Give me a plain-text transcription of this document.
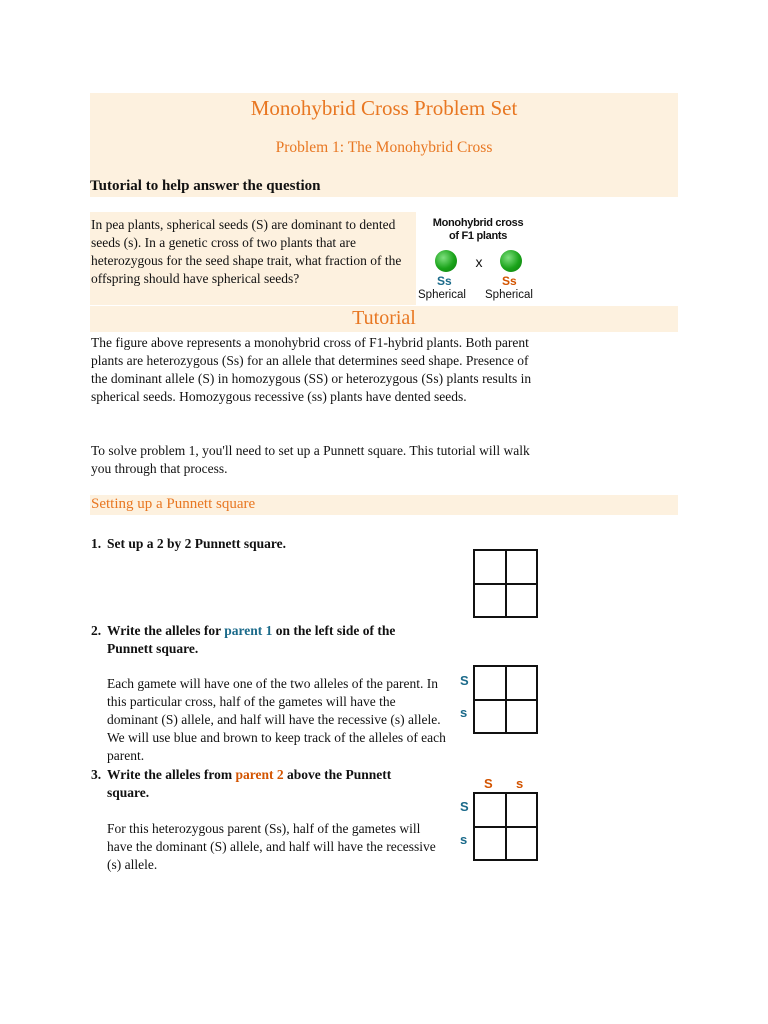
Monohybrid Cross Problem Set
Problem 1: The Monohybrid Cross
Tutorial to help answer the question
In pea plants, spherical seeds (S) are dominant to dented seeds (s). In a genetic cross of two plants that are heterozygous for the seed shape trait, what fraction of the offspring should have spherical seeds?
Monohybrid cross
of F1 plants
x
Ss	Ss
Spherical Spherical
Tutorial
The figure above represents a monohybrid cross of F1-hybrid plants. Both parent plants are heterozygous (Ss) for an allele that determines seed shape. Presence of the dominant allele (S) in homozygous (SS) or heterozygous (Ss) plants results in spherical seeds. Homozygous recessive (ss) plants have dented seeds.
To solve problem 1, you'll need to set up a Punnett square. This tutorial will walk you through that process.
Setting up a Punnett square
1. Set up a 2 by 2 Punnett square.
2. Write the alleles for parent 1 on the left side of the
Punnett square.
Each gamete will have one of the two alleles of the parent. In this particular cross, half of the gametes will have the dominant (S) allele, and half will have the recessive (s) allele. We will use blue and brown to keep track of the alleles of each parent.
S
s
3. Write the alleles from parent 2 above the Punnett
square.
For this heterozygous parent (Ss), half of the gametes will have the dominant (S) allele, and half will have the recessive (s) allele.
S s
S
s
